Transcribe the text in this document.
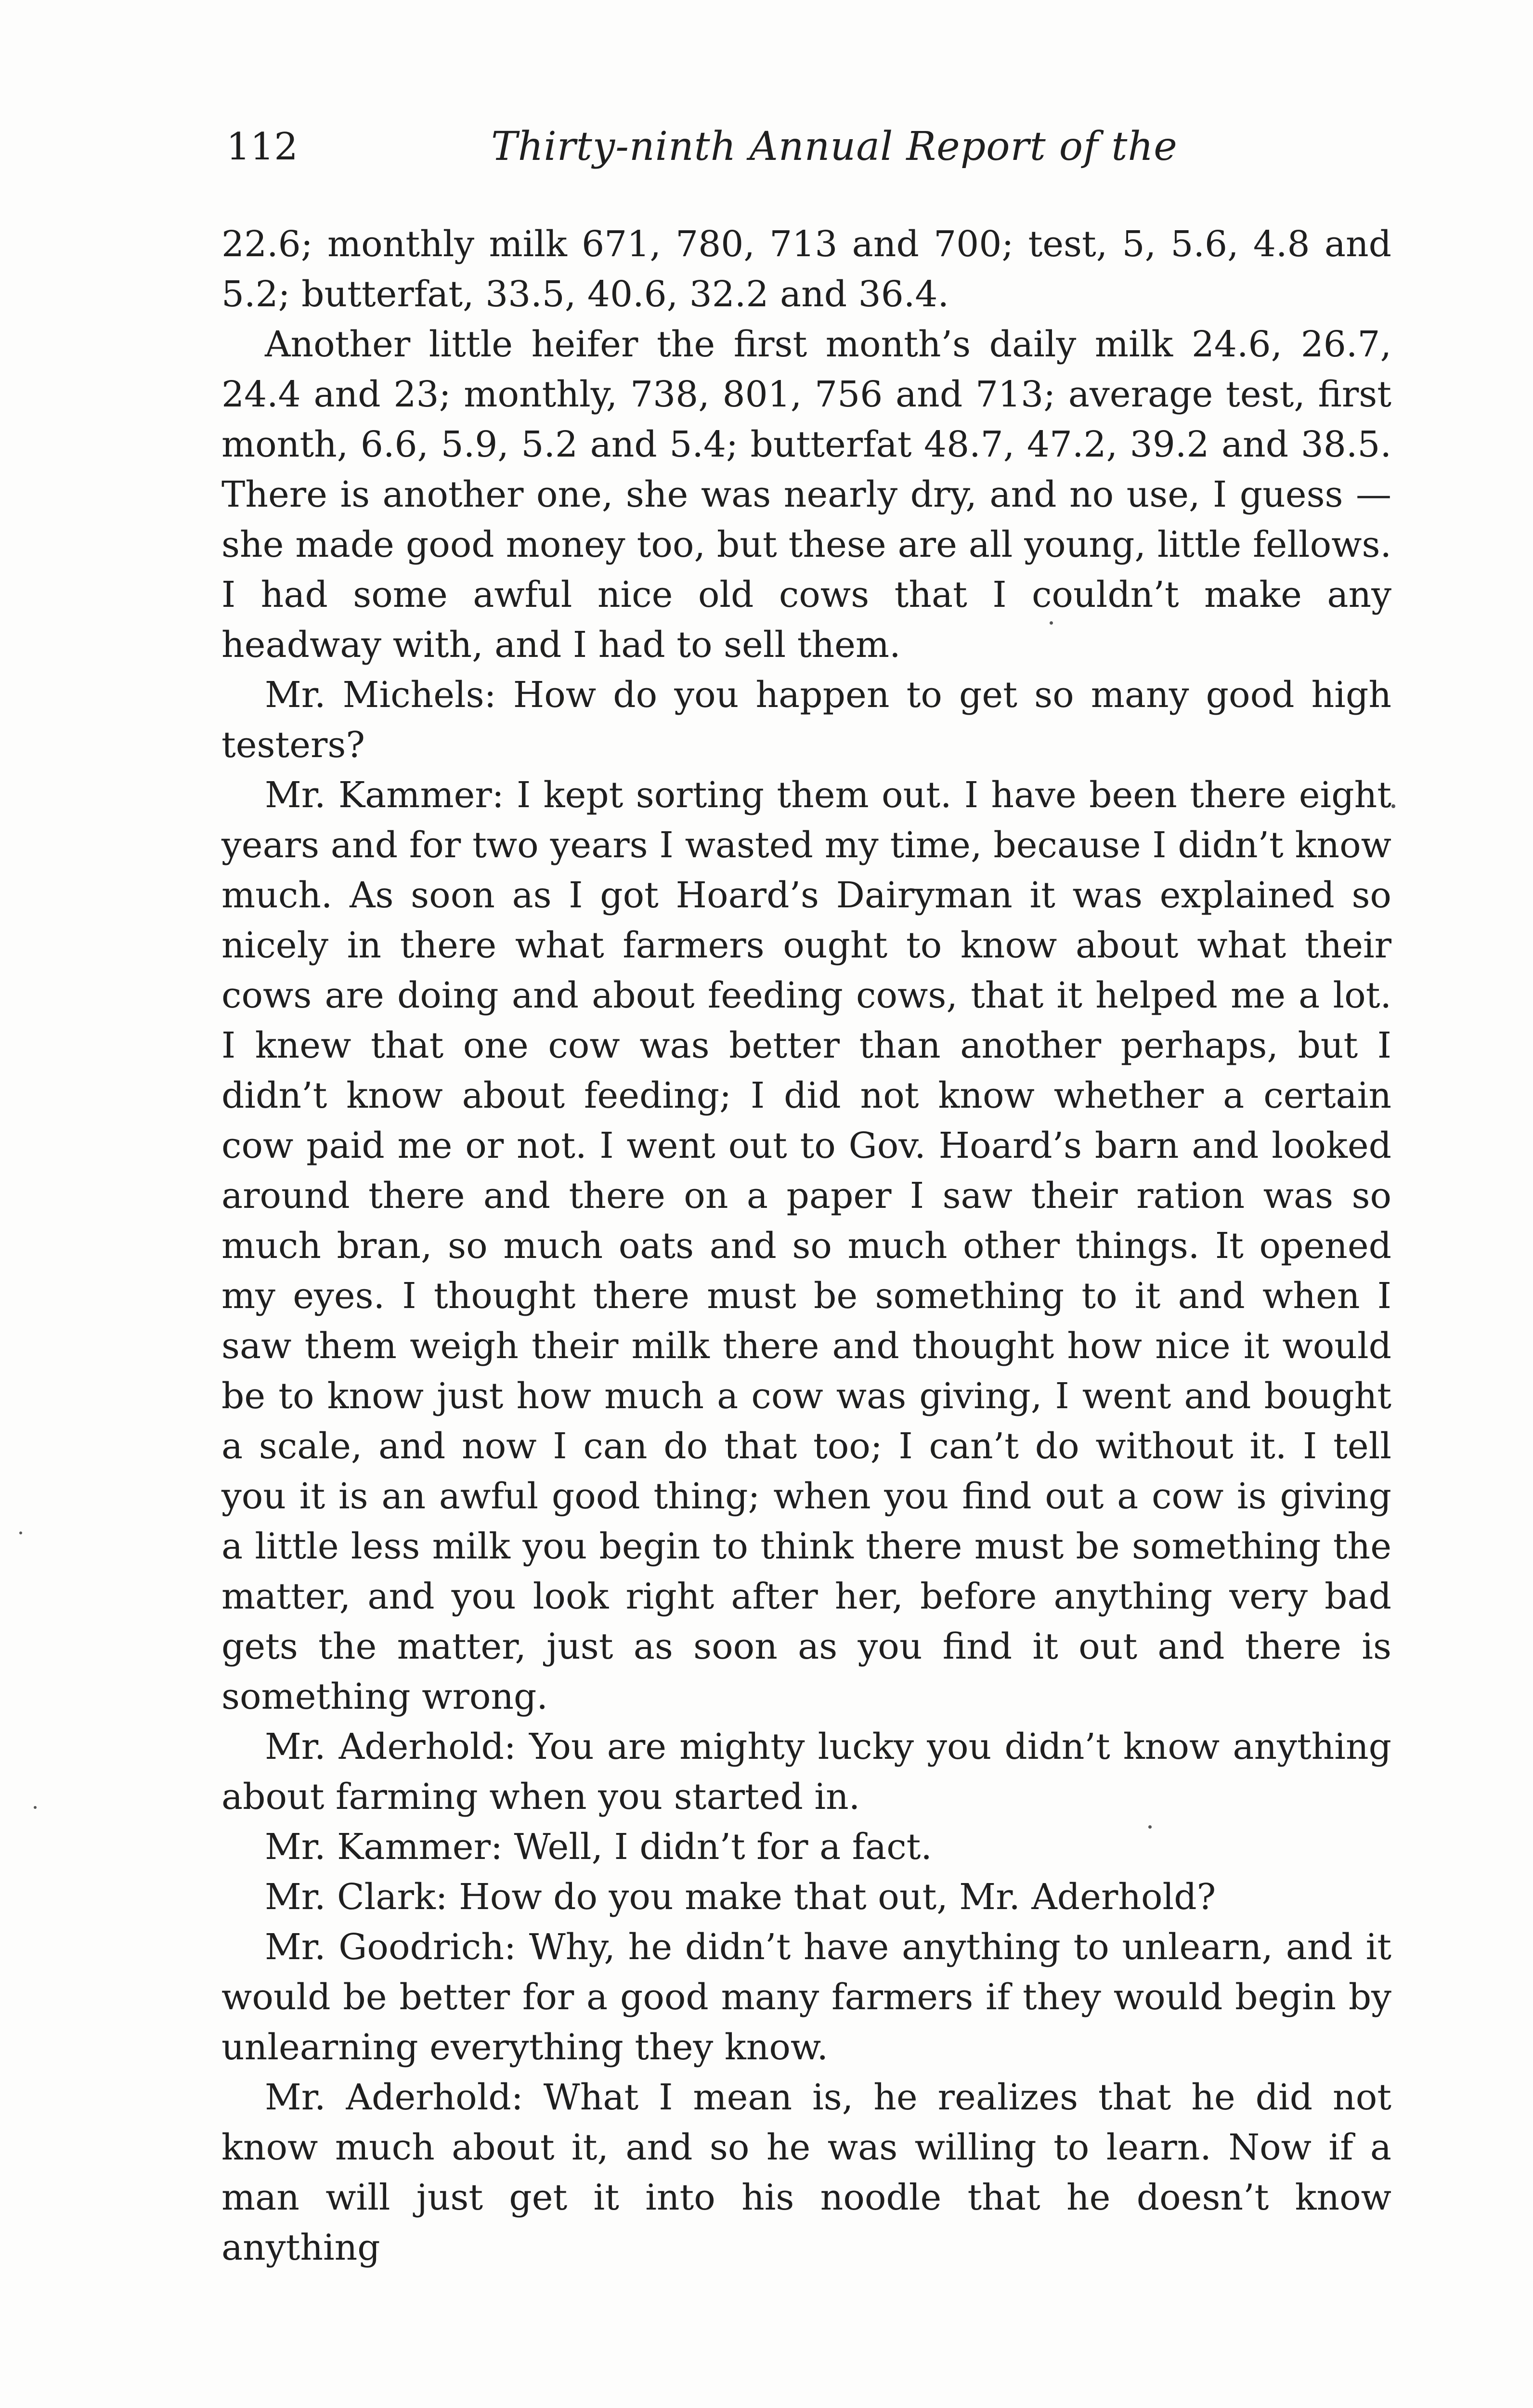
112	Thirty-ninth Annual Report of the

22.6; monthly milk 671, 780, 713 and 700; test, 5, 5.6, 4.8 and 5.2; butterfat, 33.5, 40.6, 32.2 and 36.4.

Another little heifer the first month’s daily milk 24.6, 26.7, 24.4 and 23; monthly, 738, 801, 756 and 713; average test, first month, 6.6, 5.9, 5.2 and 5.4; butterfat 48.7, 47.2, 39.2 and 38.5. There is another one, she was nearly dry, and no use, I guess —she made good money too, but these are all young, little fellows. I had some awful nice old cows that I couldn’t make any headway with, and I had to sell them.

Mr. Michels: How do you happen to get so many good high testers?

Mr. Kammer: I kept sorting them out. I have been there eight years and for two years I wasted my time, because I didn’t know much. As soon as I got Hoard’s Dairyman it was explained so nicely in there what farmers ought to know about what their cows are doing and about feeding cows, that it helped me a lot. I knew that one cow was better than another perhaps, but I didn’t know about feeding; I did not know whether a certain cow paid me or not. I went out to Gov. Hoard’s barn and looked around there and there on a paper I saw their ration was so much bran, so much oats and so much other things. It opened my eyes. I thought there must be something to it and when I saw them weigh their milk there and thought how nice it would be to know just how much a cow was giving, I went and bought a scale, and now I can do that too; I can’t do without it. I tell you it is an awful good thing; when you find out a cow is giving a little less milk you begin to think there must be something the matter, and you look right after her, before anything very bad gets the matter, just as soon as you find it out and there is something wrong.

Mr. Aderhold: You are mighty lucky you didn’t know anything about farming when you started in.

Mr. Kammer: Well, I didn’t for a fact.

Mr. Clark: How do you make that out, Mr. Aderhold?

Mr. Goodrich: Why, he didn’t have anything to unlearn, and it would be better for a good many farmers if they would begin by unlearning everything they know.

Mr. Aderhold: What I mean is, he realizes that he did not know much about it, and so he was willing to learn. Now if a man will just get it into his noodle that he doesn’t know anything
